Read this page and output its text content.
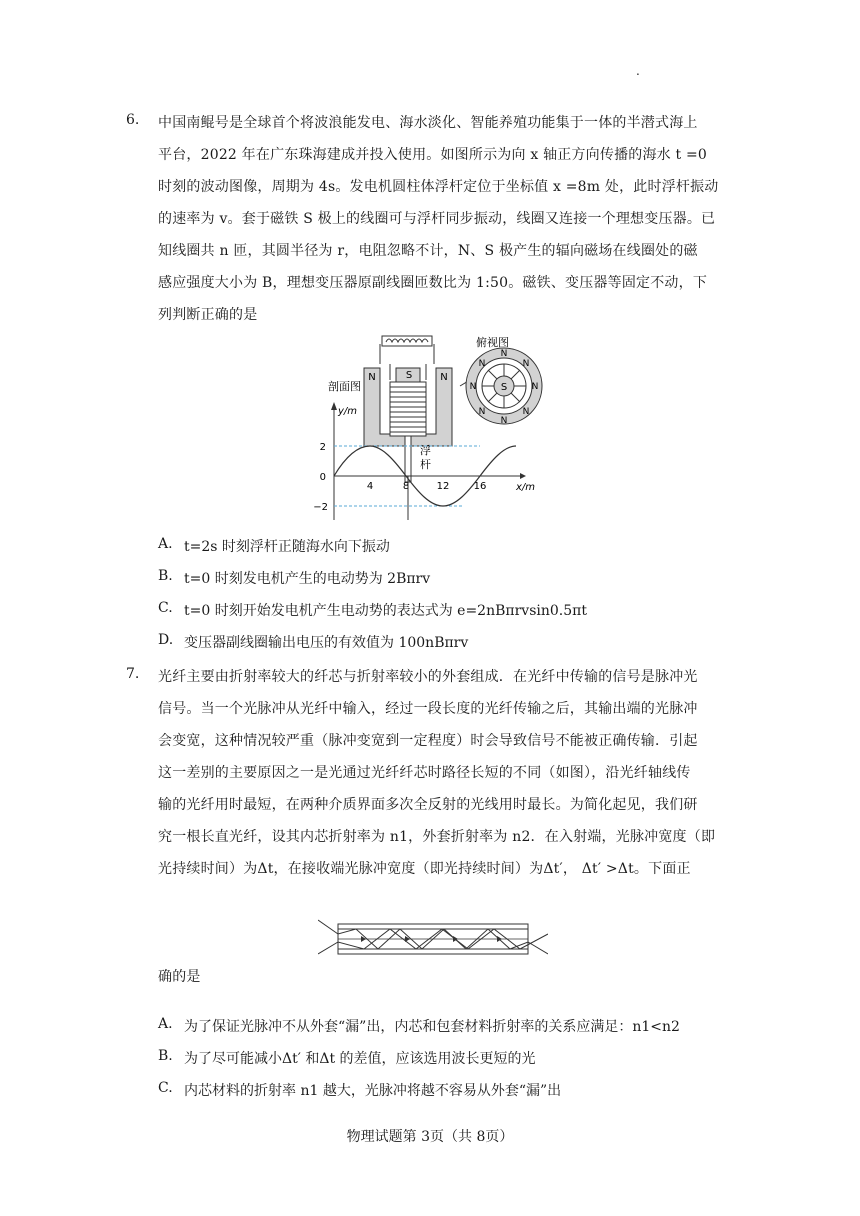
.
6. 中国南鲲号是全球首个将波浪能发电、海水淡化、智能养殖功能集于一体的半潜式海上
平台，2022 年在广东珠海建成并投入使用。如图所示为向 x 轴正方向传播的海水 t =0
时刻的波动图像，周期为 4s。发电机圆柱体浮杆定位于坐标值 x =8m 处，此时浮杆振动
的速率为 v。套于磁铁 S 极上的线圈可与浮杆同步振动，线圈又连接一个理想变压器。已
知线圈共 n 匝，其圆半径为 r，电阻忽略不计，N、S 极产生的辐向磁场在线圈处的磁
感应强度大小为 B，理想变压器原副线圈匝数比为 1:50。磁铁、变压器等固定不动，下
列判断正确的是
S
N	N
浮
杆
剖面图
俯视图
S
N
N
N	N
N	N
N	N
y/m
x/m
2
0
−2
4	8	12 16
A. t=2s 时刻浮杆正随海水向下振动
B. t=0 时刻发电机产生的电动势为 2Bπrv
C. t=0 时刻开始发电机产生电动势的表达式为 e=2nBπrvsin0.5πt
D. 变压器副线圈输出电压的有效值为 100nBπrv
7. 光纤主要由折射率较大的纤芯与折射率较小的外套组成．在光纤中传输的信号是脉冲光
信号。当一个光脉冲从光纤中输入，经过一段长度的光纤传输之后，其输出端的光脉冲
会变宽，这种情况较严重（脉冲变宽到一定程度）时会导致信号不能被正确传输．引起
这一差别的主要原因之一是光通过光纤纤芯时路径长短的不同（如图），沿光纤轴线传
输的光纤用时最短，在两种介质界面多次全反射的光线用时最长。为简化起见，我们研
究一根长直光纤，设其内芯折射率为 n1，外套折射率为 n2．在入射端，光脉冲宽度（即
光持续时间）为Δt，在接收端光脉冲宽度（即光持续时间）为Δt′， Δt′ >Δt。下面正
确的是
A. 为了保证光脉冲不从外套“漏”出，内芯和包套材料折射率的关系应满足：n1<n2
B. 为了尽可能减小Δt′ 和Δt 的差值，应该选用波长更短的光
C. 内芯材料的折射率 n1 越大，光脉冲将越不容易从外套“漏”出
物理试题第 3页（共 8页）
